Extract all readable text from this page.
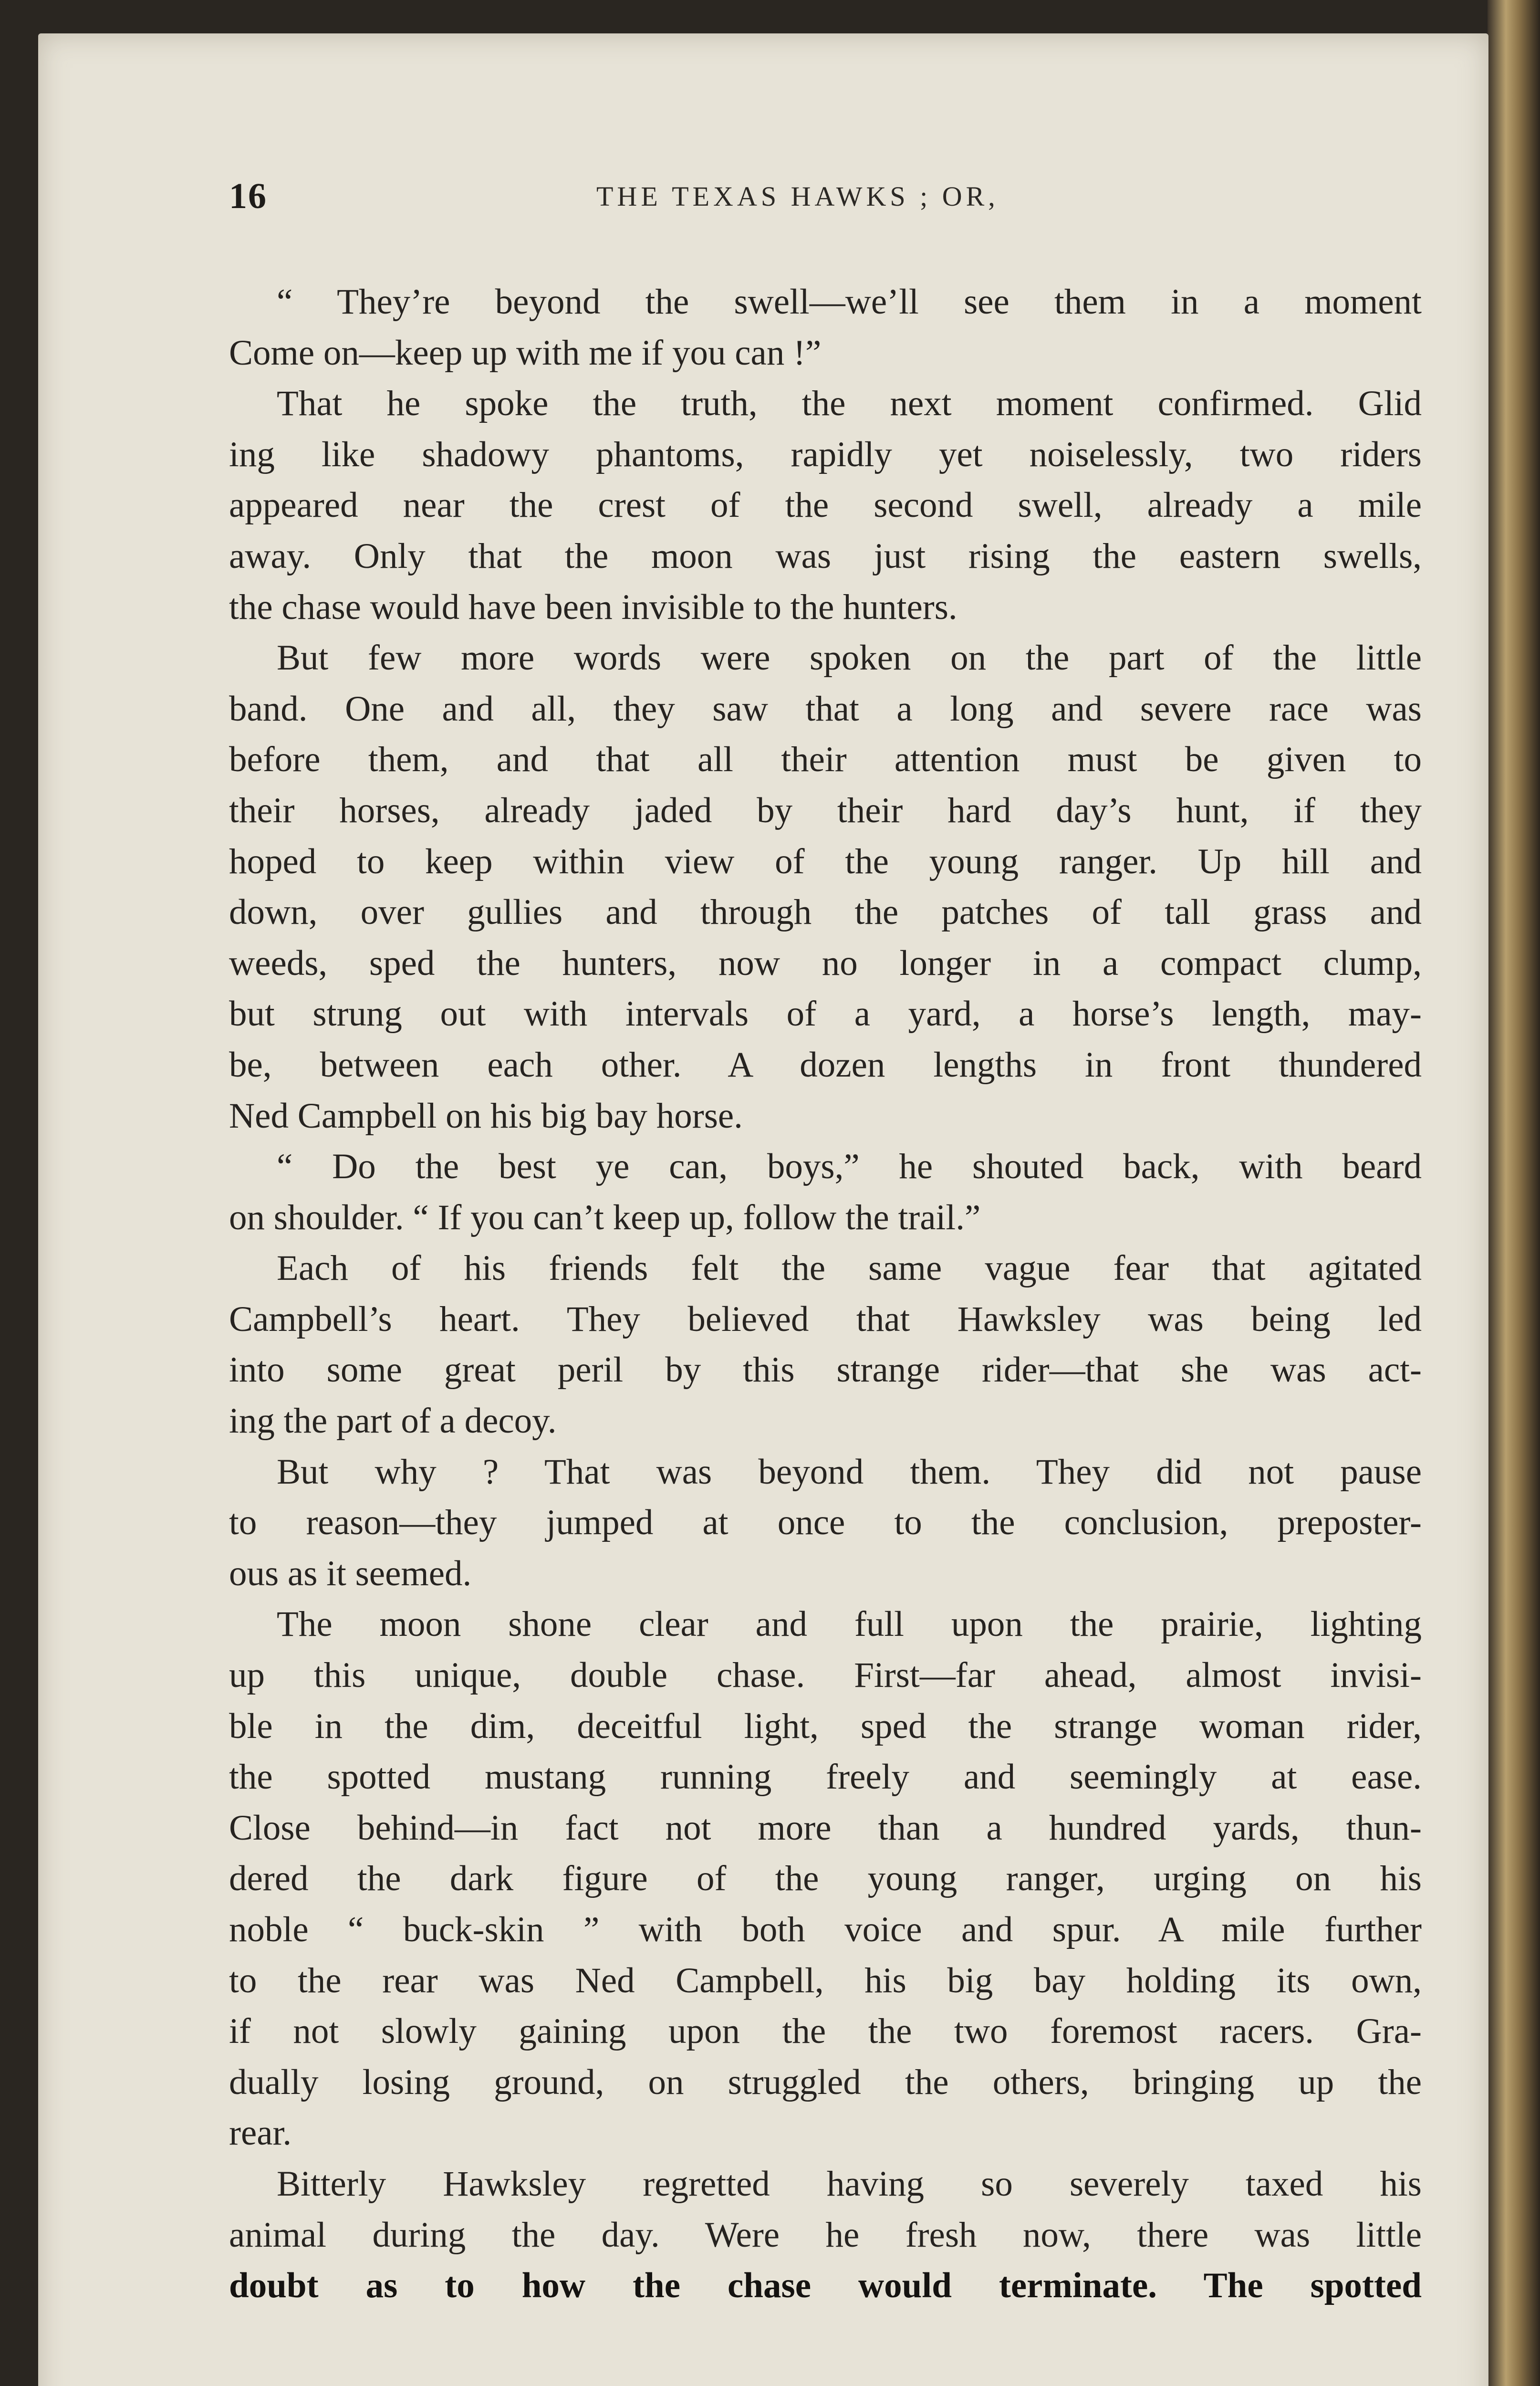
16	THE TEXAS HAWKS ; OR,
“ They’re beyond the swell—we’ll see them in a moment
Come on—keep up with me if you can !”
That he spoke the truth, the next moment confirmed. Glid
ing like shadowy phantoms, rapidly yet noiselessly, two riders
appeared near the crest of the second swell, already a mile
away. Only that the moon was just rising the eastern swells,
the chase would have been invisible to the hunters.
But few more words were spoken on the part of the little
band. One and all, they saw that a long and severe race was
before them, and that all their attention must be given to
their horses, already jaded by their hard day’s hunt, if they
hoped to keep within view of the young ranger. Up hill and
down, over gullies and through the patches of tall grass and
weeds, sped the hunters, now no longer in a compact clump,
but strung out with intervals of a yard, a horse’s length, may-
be, between each other. A dozen lengths in front thundered
Ned Campbell on his big bay horse.
“ Do the best ye can, boys,” he shouted back, with beard
on shoulder. “ If you can’t keep up, follow the trail.”
Each of his friends felt the same vague fear that agitated
Campbell’s heart. They believed that Hawksley was being led
into some great peril by this strange rider—that she was act-
ing the part of a decoy.
But why ? That was beyond them. They did not pause
to reason—they jumped at once to the conclusion, preposter-
ous as it seemed.
The moon shone clear and full upon the prairie, lighting
up this unique, double chase. First—far ahead, almost invisi-
ble in the dim, deceitful light, sped the strange woman rider,
the spotted mustang running freely and seemingly at ease.
Close behind—in fact not more than a hundred yards, thun-
dered the dark figure of the young ranger, urging on his
noble “ buck-skin ” with both voice and spur. A mile further
to the rear was Ned Campbell, his big bay holding its own,
if not slowly gaining upon the the two foremost racers. Gra-
dually losing ground, on struggled the others, bringing up the
rear.
Bitterly Hawksley regretted having so severely taxed his
animal during the day. Were he fresh now, there was little
doubt as to how the chase would terminate. The spotted
